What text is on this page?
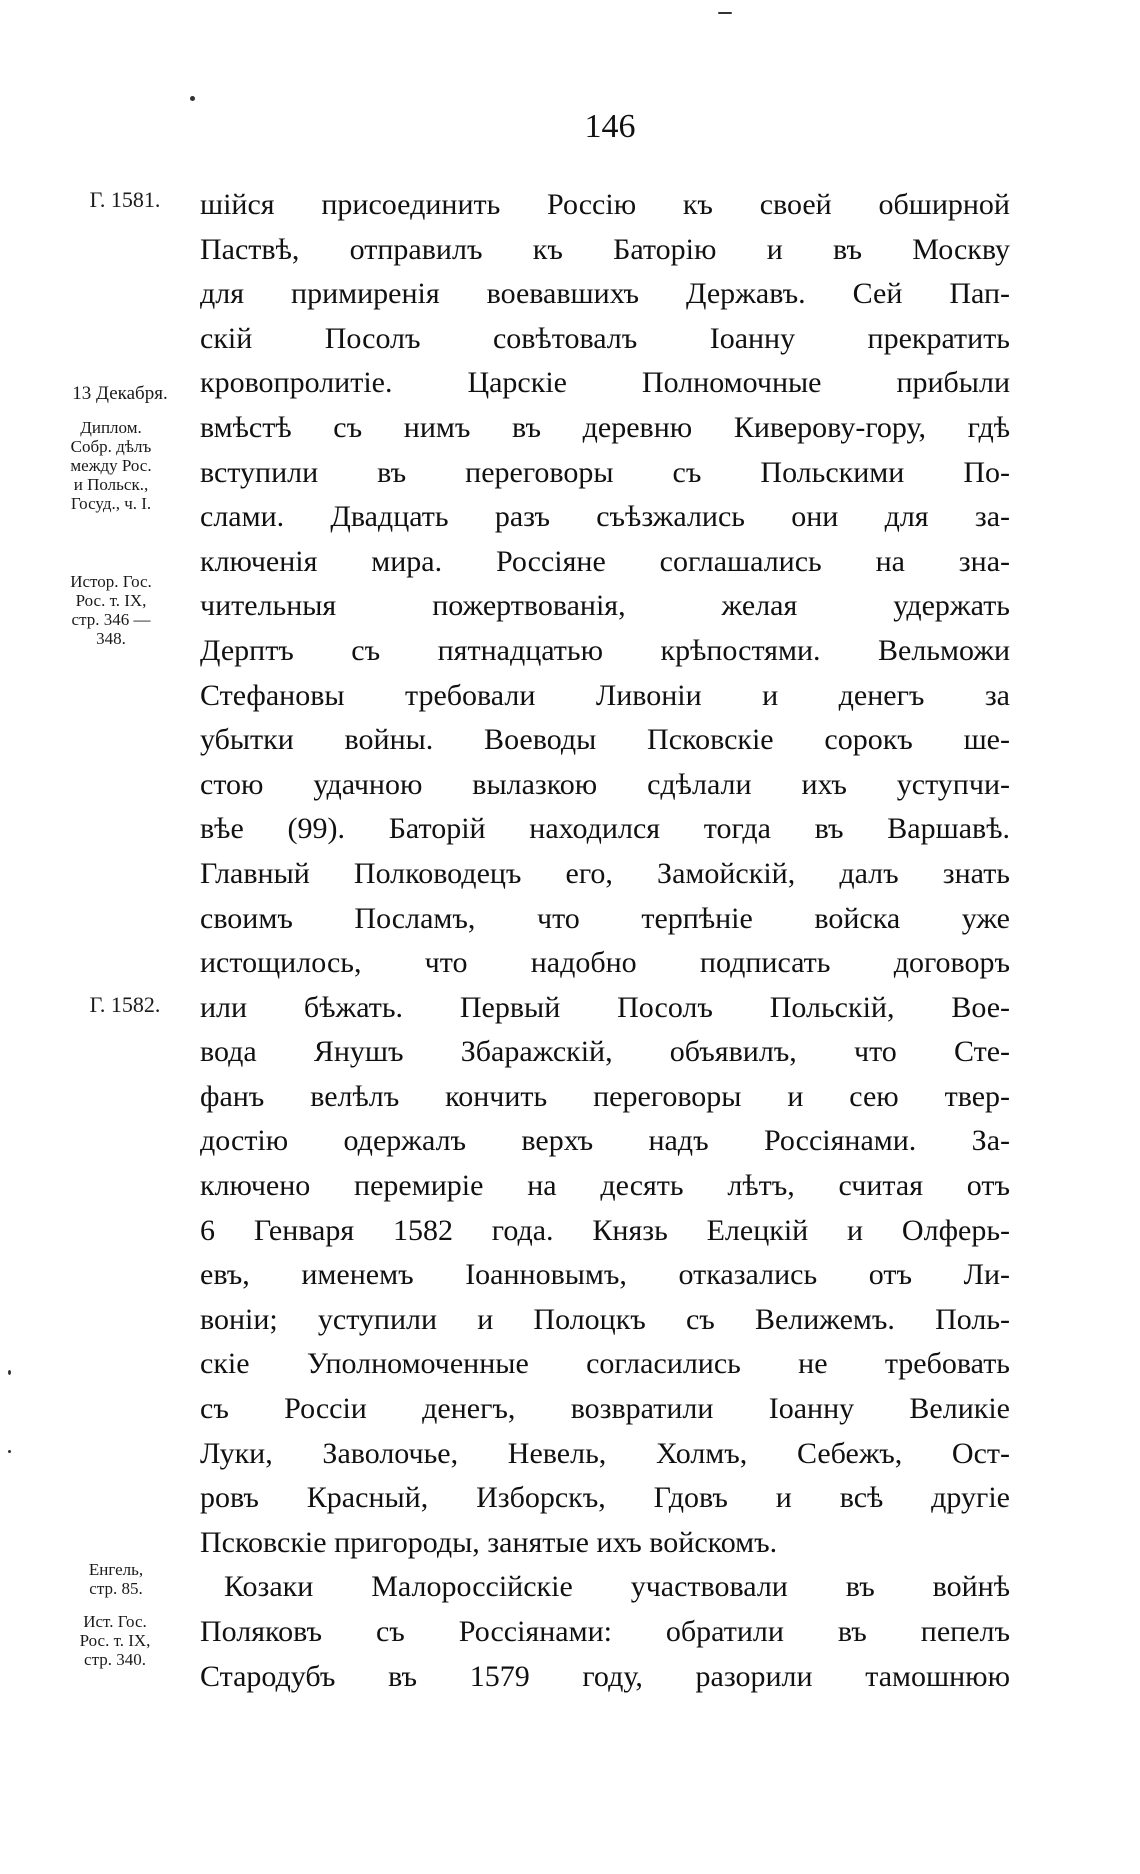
146
Г. 1581.
13 Декабря.
Диплом.
Собр. дѣлъ
между Рос.
и Польск.,
Госуд., ч. I.
Истор. Гос.
Рос. т. IX,
стр. 346 —
348.
Г. 1582.
Енгель,
стр. 85.
Ист. Гос.
Рос. т. IX,
стр. 340.
шійся присоединить Россію къ своей обширной
Паствѣ, отправилъ къ Баторію и въ Москву
для примиренія воевавшихъ Державъ. Сей Пап-
скій Посолъ совѣтовалъ Іоанну прекратить
кровопролитіе. Царскіе Полномочные прибыли
вмѣстѣ съ нимъ въ деревню Киверову-гору, гдѣ
вступили въ переговоры съ Польскими По-
слами. Двадцать разъ съѣзжались они для за-
ключенія мира. Россіяне соглашались на зна-
чительныя пожертвованія, желая удержать
Дерптъ съ пятнадцатью крѣпостями. Вельможи
Стефановы требовали Ливоніи и денегъ за
убытки войны. Воеводы Псковскіе сорокъ ше-
стою удачною вылазкою сдѣлали ихъ уступчи-
вѣе (99). Баторій находился тогда въ Варшавѣ.
Главный Полководецъ его, Замойскій, далъ знать
своимъ Посламъ, что терпѣніе войска уже
истощилось, что надобно подписать договоръ
или бѣжать. Первый Посолъ Польскій, Вое-
вода Янушъ Збаражскій, объявилъ, что Сте-
фанъ велѣлъ кончить переговоры и сею твер-
достію одержалъ верхъ надъ Россіянами. За-
ключено перемиріе на десять лѣтъ, считая отъ
6 Генваря 1582 года. Князь Елецкій и Олферь-
евъ, именемъ Іоанновымъ, отказались отъ Ли-
воніи; уступили и Полоцкъ съ Велижемъ. Поль-
скіе Уполномоченные согласились не требовать
съ Россіи денегъ, возвратили Іоанну Великіе
Луки, Заволочье, Невель, Холмъ, Себежъ, Ост-
ровъ Красный, Изборскъ, Гдовъ и всѣ другіе
Псковскіе пригороды, занятые ихъ войскомъ.
Козаки Малороссійскіе участвовали въ войнѣ
Поляковъ съ Россіянами: обратили въ пепелъ
Стародубъ въ 1579 году, разорили тамошнюю
